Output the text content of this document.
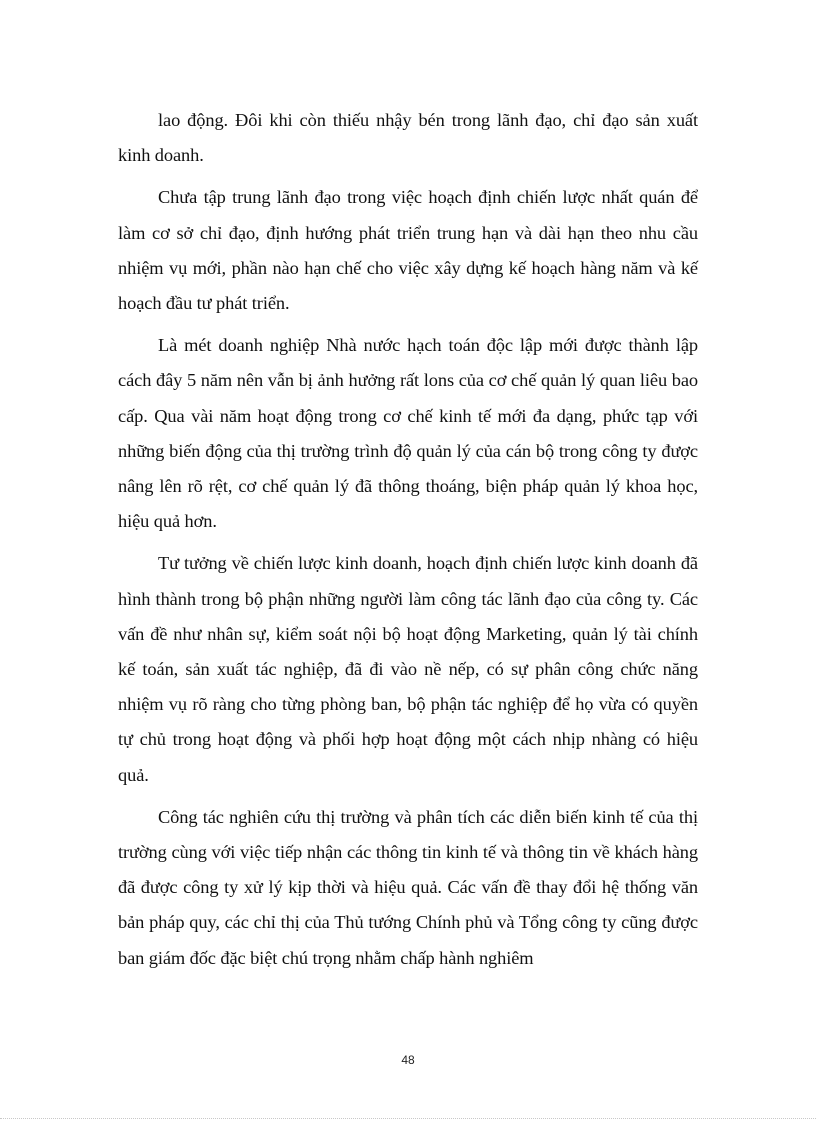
lao động. Đôi khi còn thiếu nhậy bén trong lãnh đạo, chỉ đạo sản xuất kinh doanh.

Chưa tập trung lãnh đạo trong việc hoạch định chiến lược nhất quán để làm cơ sở chỉ đạo, định hướng phát triển trung hạn và dài hạn theo nhu cầu nhiệm vụ mới, phần nào hạn chế cho việc xây dựng kế hoạch hàng năm và kế hoạch đầu tư phát triển.

Là mét doanh nghiệp Nhà nước hạch toán độc lập mới được thành lập cách đây 5 năm nên vẫn bị ảnh hưởng rất lons của cơ chế quản lý quan liêu bao cấp. Qua vài năm hoạt động trong cơ chế kinh tế mới đa dạng, phức tạp với những biến động của thị trường trình độ quản lý của cán bộ trong công ty được nâng lên rõ rệt, cơ chế quản lý đã thông thoáng, biện pháp quản lý khoa học, hiệu quả hơn.

Tư tưởng về chiến lược kinh doanh, hoạch định chiến lược kinh doanh đã hình thành trong bộ phận những người làm công tác lãnh đạo của công ty. Các vấn đề như nhân sự, kiểm soát nội bộ hoạt động Marketing, quản lý tài chính kế toán, sản xuất tác nghiệp, đã đi vào nề nếp, có sự phân công chức năng nhiệm vụ rõ ràng cho từng phòng ban, bộ phận tác nghiệp để họ vừa có quyền tự chủ trong hoạt động và phối hợp hoạt động một cách nhịp nhàng có hiệu quả.

Công tác nghiên cứu thị trường và phân tích các diễn biến kinh tế của thị trường cùng với việc tiếp nhận các thông tin kinh tế và thông tin về khách hàng đã được công ty xử lý kịp thời và hiệu quả. Các vấn đề thay đổi hệ thống văn bản pháp quy, các chỉ thị của Thủ tướng Chính phủ và Tổng công ty cũng được ban giám đốc đặc biệt chú trọng nhằm chấp hành nghiêm

48
